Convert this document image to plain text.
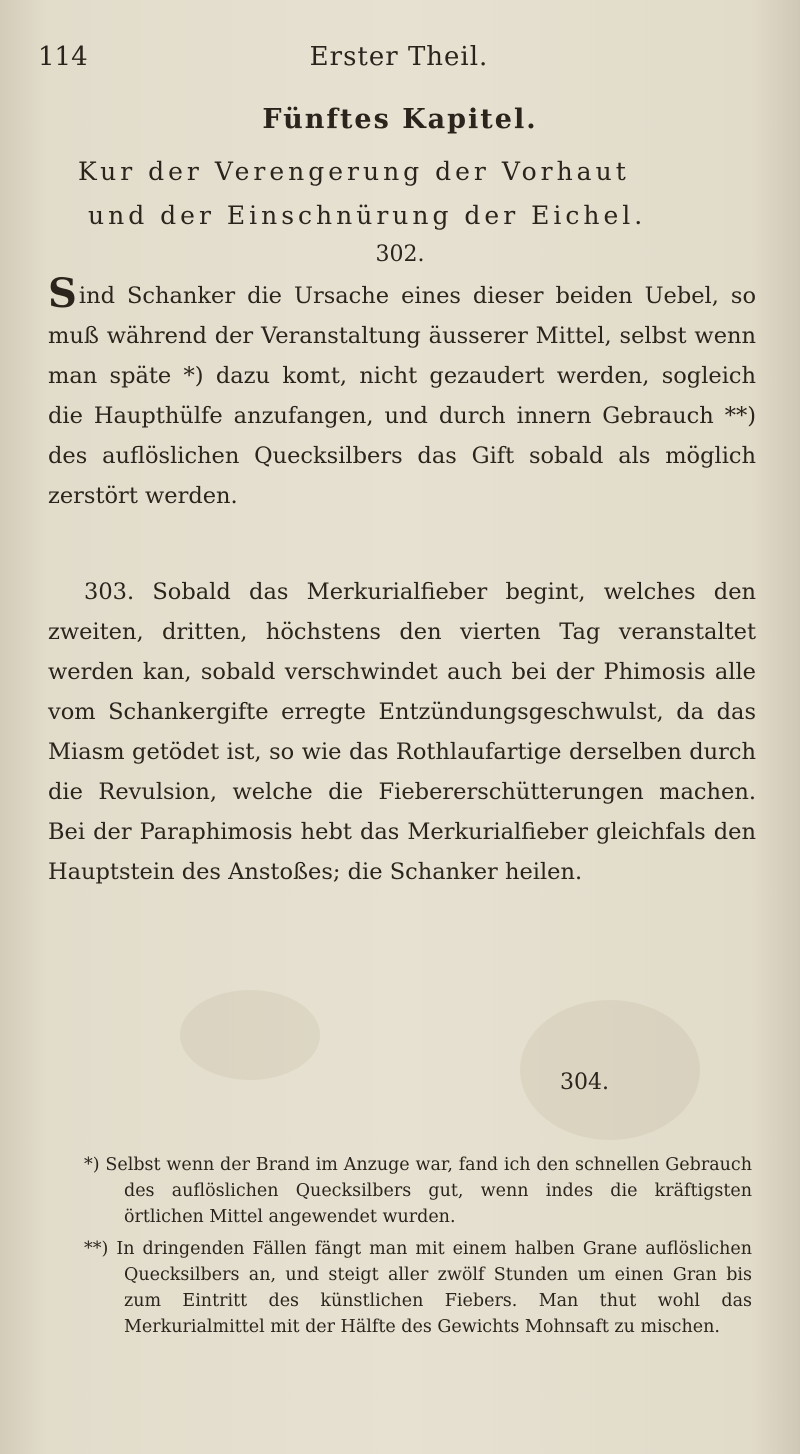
114	Erster Theil.
Fünftes Kapitel.
Kur der Verengerung der Vorhaut
und der Einschnürung der Eichel.
302.
Sind Schanker die Ursache eines dieser beiden Uebel, so muß während der Veranstaltung äusserer Mittel, selbst wenn man späte *) dazu komt, nicht gezaudert werden, sogleich die Haupthülfe anzufangen, und durch innern Gebrauch **) des auflöslichen Quecksilbers das Gift sobald als möglich zerstört werden.
303. Sobald das Merkurialfieber begint, welches den zweiten, dritten, höchstens den vierten Tag veranstaltet werden kan, sobald verschwindet auch bei der Phimosis alle vom Schankergifte erregte Entzündungsgeschwulst, da das Miasm getödet ist, so wie das Rothlaufartige derselben durch die Revulsion, welche die Fiebererschütterungen machen. Bei der Paraphimosis hebt das Merkurialfieber gleichfals den Hauptstein des Anstoßes; die Schanker heilen.
304.
*) Selbst wenn der Brand im Anzuge war, fand ich den schnellen Gebrauch des auflöslichen Quecksilbers gut, wenn indes die kräftigsten örtlichen Mittel angewendet wurden.
**) In dringenden Fällen fängt man mit einem halben Grane auflöslichen Quecksilbers an, und steigt aller zwölf Stunden um einen Gran bis zum Eintritt des künstlichen Fiebers. Man thut wohl das Merkurialmittel mit der Hälfte des Gewichts Mohnsaft zu mischen.
